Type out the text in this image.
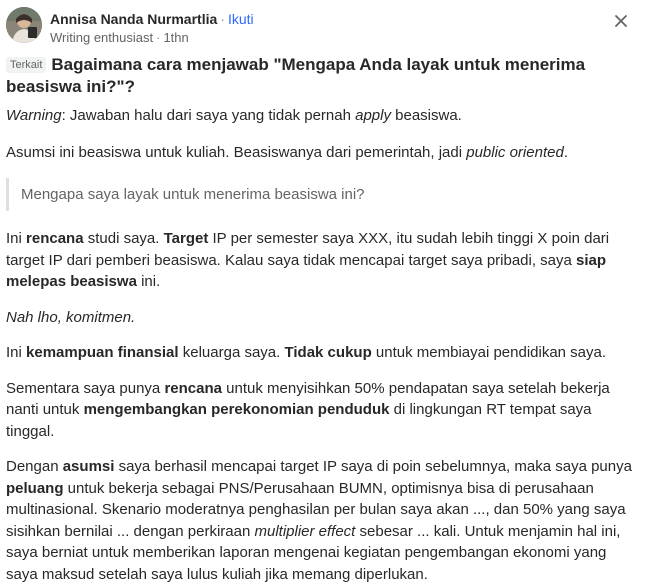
Annisa Nanda Nurmartlia · Ikuti
Writing enthusiast · 1thn
Terkait Bagaimana cara menjawab "Mengapa Anda layak untuk menerima beasiswa ini?"?

Warning: Jawaban halu dari saya yang tidak pernah apply beasiswa.

Asumsi ini beasiswa untuk kuliah. Beasiswanya dari pemerintah, jadi public oriented.

Mengapa saya layak untuk menerima beasiswa ini?

Ini rencana studi saya. Target IP per semester saya XXX, itu sudah lebih tinggi X poin dari target IP dari pemberi beasiswa. Kalau saya tidak mencapai target saya pribadi, saya siap melepas beasiswa ini.

Nah lho, komitmen.

Ini kemampuan finansial keluarga saya. Tidak cukup untuk membiayai pendidikan saya.

Sementara saya punya rencana untuk menyisihkan 50% pendapatan saya setelah bekerja nanti untuk mengembangkan perekonomian penduduk di lingkungan RT tempat saya tinggal.

Dengan asumsi saya berhasil mencapai target IP saya di poin sebelumnya, maka saya punya peluang untuk bekerja sebagai PNS/Perusahaan BUMN, optimisnya bisa di perusahaan multinasional. Skenario moderatnya penghasilan per bulan saya akan ..., dan 50% yang saya sisihkan bernilai ... dengan perkiraan multiplier effect sebesar ... kali. Untuk menjamin hal ini, saya berniat untuk memberikan laporan mengenai kegiatan pengembangan ekonomi yang saya maksud setelah saya lulus kuliah jika memang diperlukan.
